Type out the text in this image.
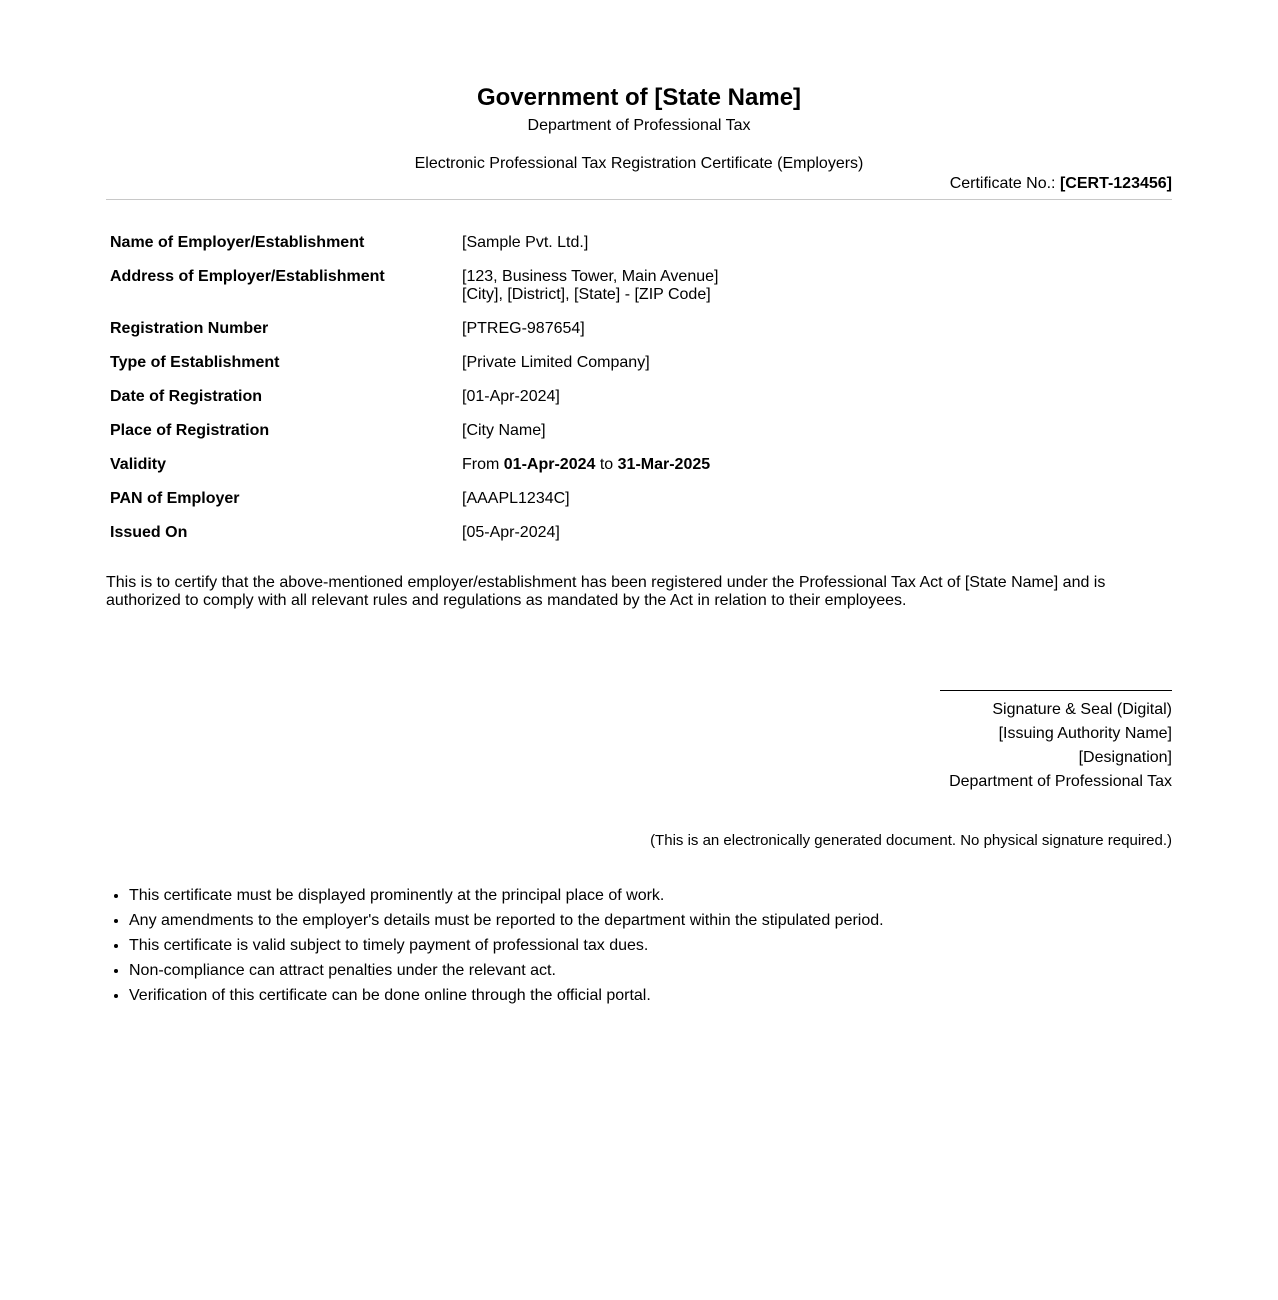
Government of [State Name]
Department of Professional Tax
Electronic Professional Tax Registration Certificate (Employers)
Certificate No.: [CERT-123456]
Name of Employer/Establishment	[Sample Pvt. Ltd.]
Address of Employer/Establishment	[123, Business Tower, Main Avenue]
[City], [District], [State] - [ZIP Code]

Registration Number	[PTREG-987654]
Type of Establishment	[Private Limited Company]
Date of Registration	[01-Apr-2024]
Place of Registration	[City Name]
Validity	From 01-Apr-2024 to 31-Mar-2025
PAN of Employer	[AAAPL1234C]
Issued On	[05-Apr-2024]

This is to certify that the above-mentioned employer/establishment has been registered under the Professional Tax Act of [State Name] and is authorized to comply with all relevant rules and regulations as mandated by the Act in relation to their employees.

Signature & Seal (Digital)
[Issuing Authority Name]
[Designation]
Department of Professional Tax
(This is an electronically generated document. No physical signature required.)
• This certificate must be displayed prominently at the principal place of work.
• Any amendments to the employer's details must be reported to the department within the stipulated period.
• This certificate is valid subject to timely payment of professional tax dues.
• Non-compliance can attract penalties under the relevant act.
• Verification of this certificate can be done online through the official portal.
